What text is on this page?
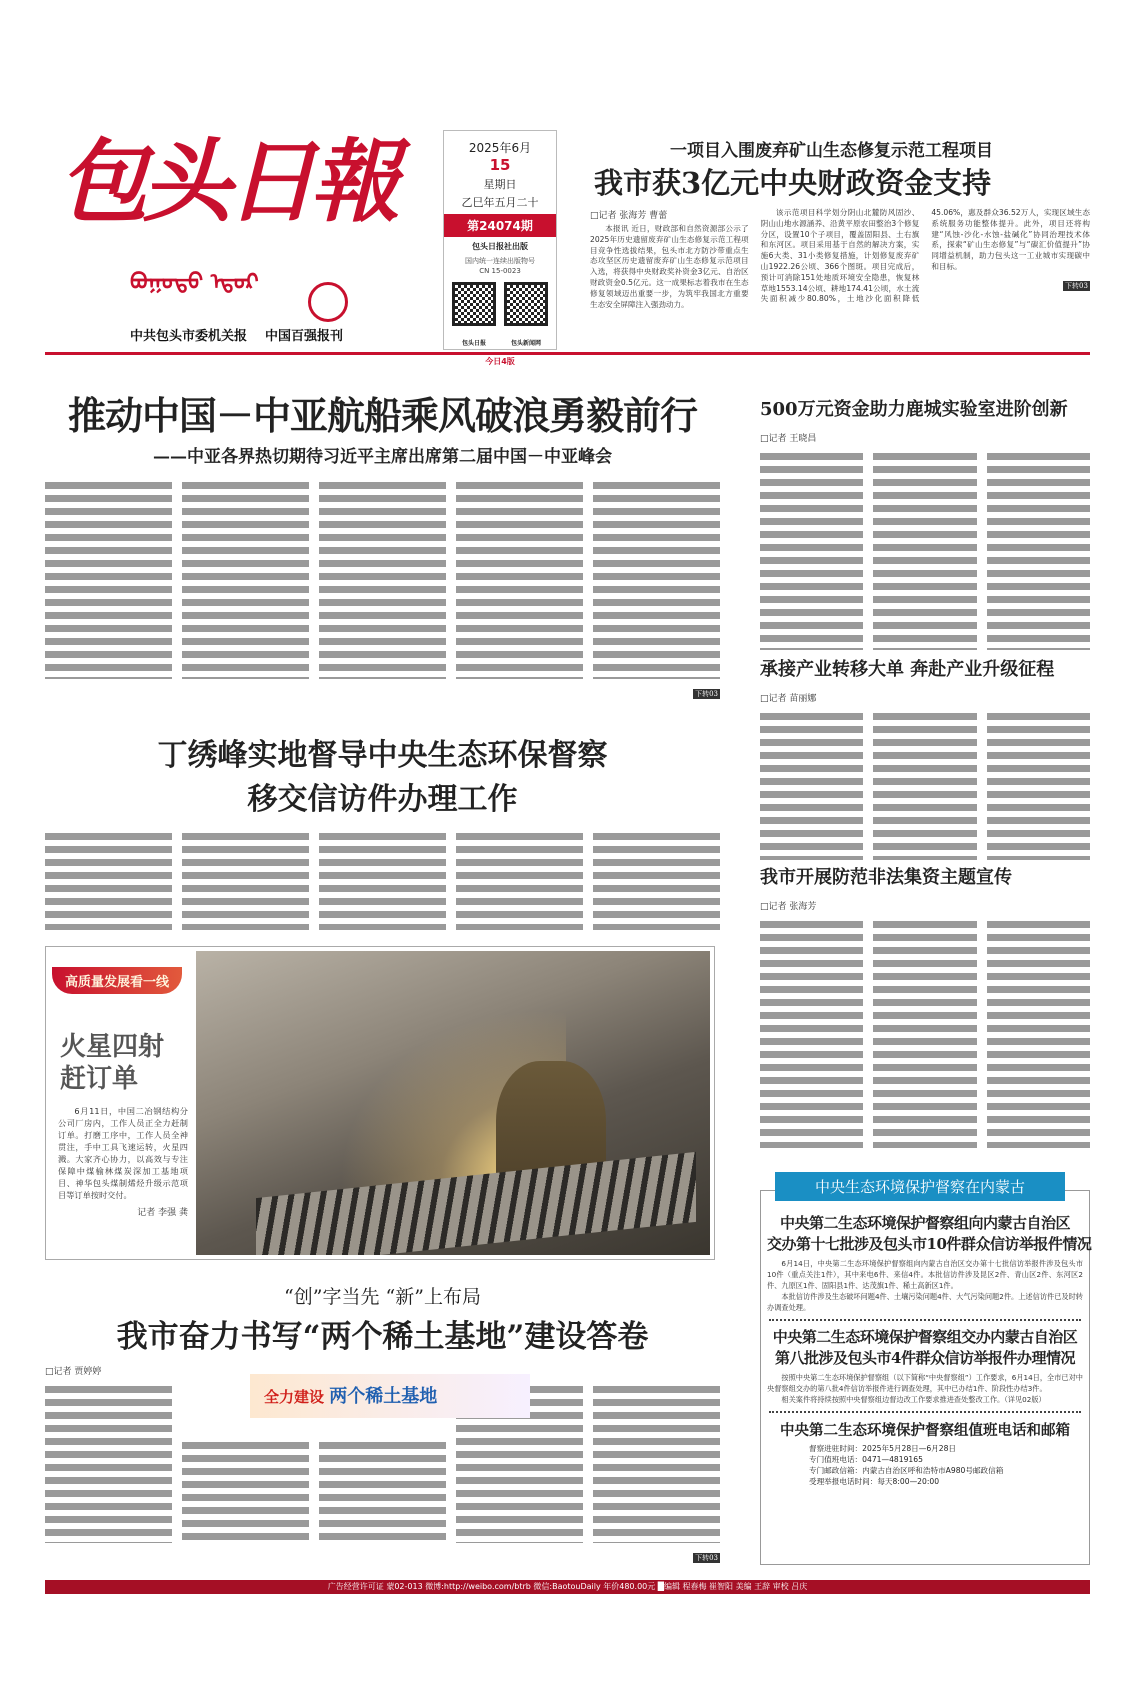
包头日報
ᠪᠤᠭᠤᠲᠤ ᠡᠳᠦᠷ
中共包头市委机关报 中国百强报刊
2025年6月
15
星期日
乙巳年五月二十
第24074期
包头日报社出版
国内统一连续出版物号
CN 15-0023
包头日报	包头新闻网
今日4版
一项目入围废弃矿山生态修复示范工程项目
我市获3亿元中央财政资金支持
□记者 张海芳 曹蕾
本报讯 近日，财政部和自然资源部公示了2025年历史遗留废弃矿山生态修复示范工程项目竞争性选拔结果，包头市北方防沙带重点生态攻坚区历史遗留废弃矿山生态修复示范项目入选，将获得中央财政奖补资金3亿元、自治区财政资金0.5亿元。这一成果标志着我市在生态修复领域迈出重要一步，为筑牢我国北方重要生态安全屏障注入强劲动力。
该示范项目科学划分阴山北麓防风固沙、阴山山地水源涵养、沿黄平原农田整治3个修复分区，设置10个子项目，覆盖固阳县、土右旗和东河区。项目采用基于自然的解决方案，实施6大类、31小类修复措施，计划修复废弃矿山1922.26公顷、366个图斑。项目完成后，预计可消除151处地质环境安全隐患，恢复林草地1553.14公顷、耕地174.41公顷，水土流失面积减少80.80%，土地沙化面积降低45.06%，惠及群众36.52万人，实现区域生态系统服务功能整体提升。此外，项目还将构建“风蚀-沙化-水蚀-盐碱化”协同治理技术体系，探索“矿山生态修复”与“碳汇价值提升”协同增益机制，助力包头这一工业城市实现碳中和目标。
下转03
推动中国－中亚航船乘风破浪勇毅前行
——中亚各界热切期待习近平主席出席第二届中国－中亚峰会
下转03
丁绣峰实地督导中央生态环保督察
移交信访件办理工作
高质量发展看一线
火星四射
赶订单
6月11日，中国二冶钢结构分公司厂房内，工作人员正全力赶制订单。打磨工序中，工作人员全神贯注，手中工具飞速运转，火星四溅。大家齐心协力，以高效与专注保障中煤榆林煤炭深加工基地项目、神华包头煤制烯烃升级示范项目等订单按时交付。
记者 李强 龚
“创”字当先 “新”上布局
我市奋力书写“两个稀土基地”建设答卷
□记者 贾婷婷
全力建设 两个稀土基地
下转03
500万元资金助力鹿城实验室进阶创新
□记者 王晓昌
承接产业转移大单 奔赴产业升级征程
□记者 苗丽娜
我市开展防范非法集资主题宣传
□记者 张海芳
中央生态环境保护督察在内蒙古
中央第二生态环境保护督察组向内蒙古自治区
交办第十七批涉及包头市10件群众信访举报件情况
6月14日，中央第二生态环境保护督察组向内蒙古自治区交办第十七批信访举报件涉及包头市10件（重点关注1件），其中来电6件、来信4件。本批信访件涉及昆区2件、青山区2件、东河区2件、九原区1件、固阳县1件、达茂旗1件、稀土高新区1件。
本批信访件涉及生态破坏问题4件、土壤污染问题4件、大气污染问题2件。上述信访件已及时转办调查处理。
中央第二生态环境保护督察组交办内蒙古自治区
第八批涉及包头市4件群众信访举报件办理情况
按照中央第二生态环境保护督察组（以下简称“中央督察组”）工作要求，6月14日，全市已对中央督察组交办的第八批4件信访举报件进行调查处理，其中已办结1件、阶段性办结3件。
相关案件将持续按照中央督察组边督边改工作要求推进查处整改工作。（详见02版）
中央第二生态环境保护督察组值班电话和邮箱
督察进驻时间：2025年5月28日—6月28日
专门值班电话：0471—4819165
专门邮政信箱：内蒙古自治区呼和浩特市A980号邮政信箱
受理举报电话时间：每天8:00—20:00
广告经营许可证 蒙02-013 微博:http://weibo.com/btrb 微信:BaotouDaily 年价480.00元 █编辑 程春梅 崔智阳 美编 王辞 审校 吕庆
